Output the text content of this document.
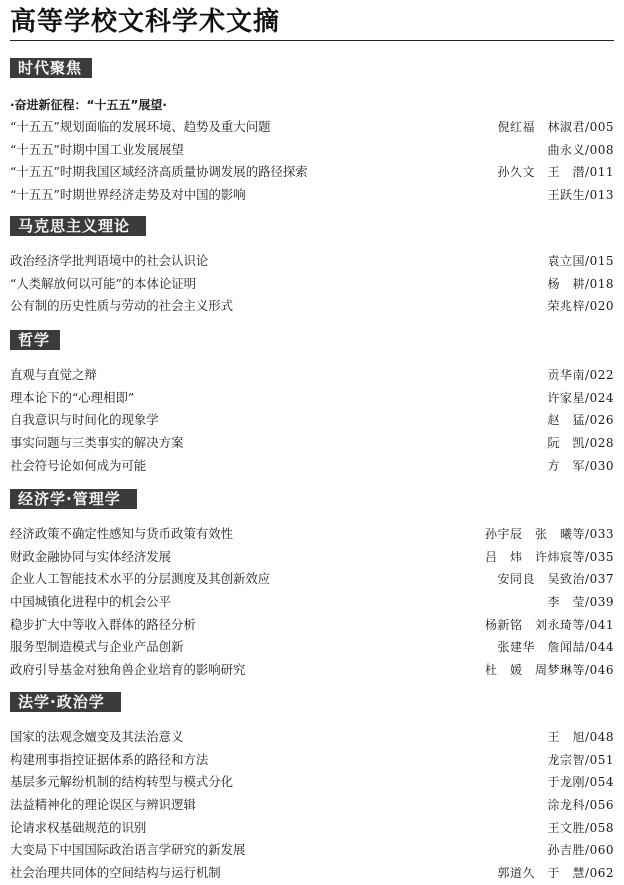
高等学校文科学术文摘
时代聚焦
·奋进新征程：“十五五”展望·
“十五五”规划面临的发展环境、趋势及重大问题	倪红福　林淑君/005
“十五五”时期中国工业发展展望	曲永义/008
“十五五”时期我国区域经济高质量协调发展的路径探索	孙久文　王　潜/011
“十五五”时期世界经济走势及对中国的影响	王跃生/013
马克思主义理论
政治经济学批判语境中的社会认识论	袁立国/015
“人类解放何以可能”的本体论证明	杨　耕/018
公有制的历史性质与劳动的社会主义形式	荣兆梓/020
哲学
直观与直觉之辩	贡华南/022
理本论下的“心理相即”	许家星/024
自我意识与时间化的现象学	赵　猛/026
事实问题与三类事实的解决方案	阮　凯/028
社会符号论如何成为可能	方　军/030
经济学·管理学
经济政策不确定性感知与货币政策有效性	孙宇辰　张　曦等/033
财政金融协同与实体经济发展	吕　炜　许炜宸等/035
企业人工智能技术水平的分层测度及其创新效应	安同良　吴致治/037
中国城镇化进程中的机会公平	李　莹/039
稳步扩大中等收入群体的路径分析	杨新铭　刘永琦等/041
服务型制造模式与企业产品创新	张建华　詹闻喆/044
政府引导基金对独角兽企业培育的影响研究	杜　媛　周梦琳等/046
法学·政治学
国家的法观念嬗变及其法治意义	王　旭/048
构建刑事指控证据体系的路径和方法	龙宗智/051
基层多元解纷机制的结构转型与模式分化	于龙刚/054
法益精神化的理论误区与辨识逻辑	涂龙科/056
论请求权基础规范的识别	王文胜/058
大变局下中国国际政治语言学研究的新发展	孙吉胜/060
社会治理共同体的空间结构与运行机制	郭道久　于　慧/062
